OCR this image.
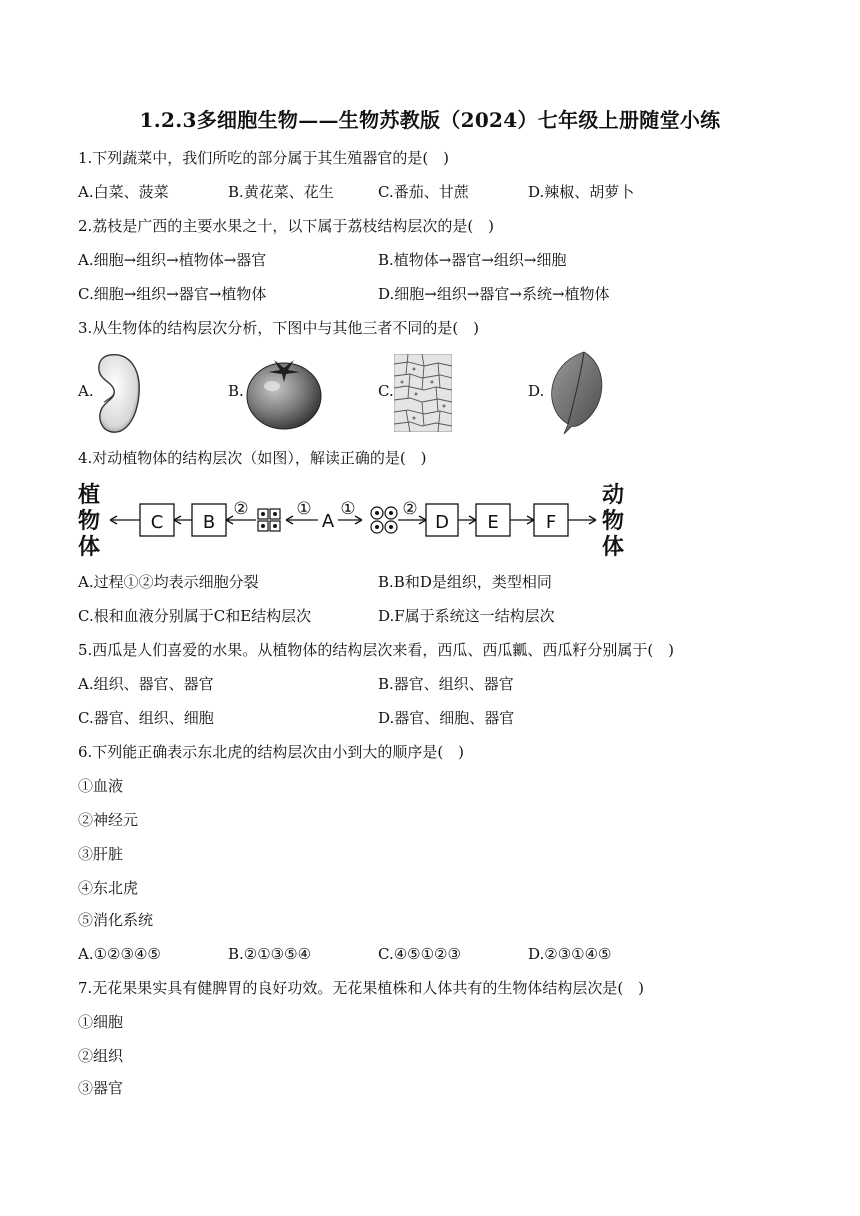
1.2.3多细胞生物——生物苏教版（2024）七年级上册随堂小练
1.下列蔬菜中，我们所吃的部分属于其生殖器官的是(　)
A.白菜、菠菜	B.黄花菜、花生	C.番茄、甘蔗	D.辣椒、胡萝卜
2.荔枝是广西的主要水果之十，以下属于荔枝结构层次的是(　)
A.细胞→组织→植物体→器官	B.植物体→器官→组织→细胞
C.细胞→组织→器官→植物体	D.细胞→组织→器官→系统→植物体
3.从生物体的结构层次分析，下图中与其他三者不同的是(　)
A.	B.	C.	D.
4.对动植物体的结构层次（如图），解读正确的是(　)
植
物
体
C B	A	D E	F
②	① ①	②
动
物
体
A.过程①②均表示细胞分裂	B.B和D是组织，类型相同
C.根和血液分别属于C和E结构层次	D.F属于系统这一结构层次
5.西瓜是人们喜爱的水果。从植物体的结构层次来看，西瓜、西瓜瓤、西瓜籽分别属于(　)
A.组织、器官、器官	B.器官、组织、器官
C.器官、组织、细胞	D.器官、细胞、器官
6.下列能正确表示东北虎的结构层次由小到大的顺序是(　)
①血液
②神经元
③肝脏
④东北虎
⑤消化系统
A.①②③④⑤	B.②①③⑤④	C.④⑤①②③	D.②③①④⑤
7.无花果果实具有健脾胃的良好功效。无花果植株和人体共有的生物体结构层次是(　)
①细胞
②组织
③器官
